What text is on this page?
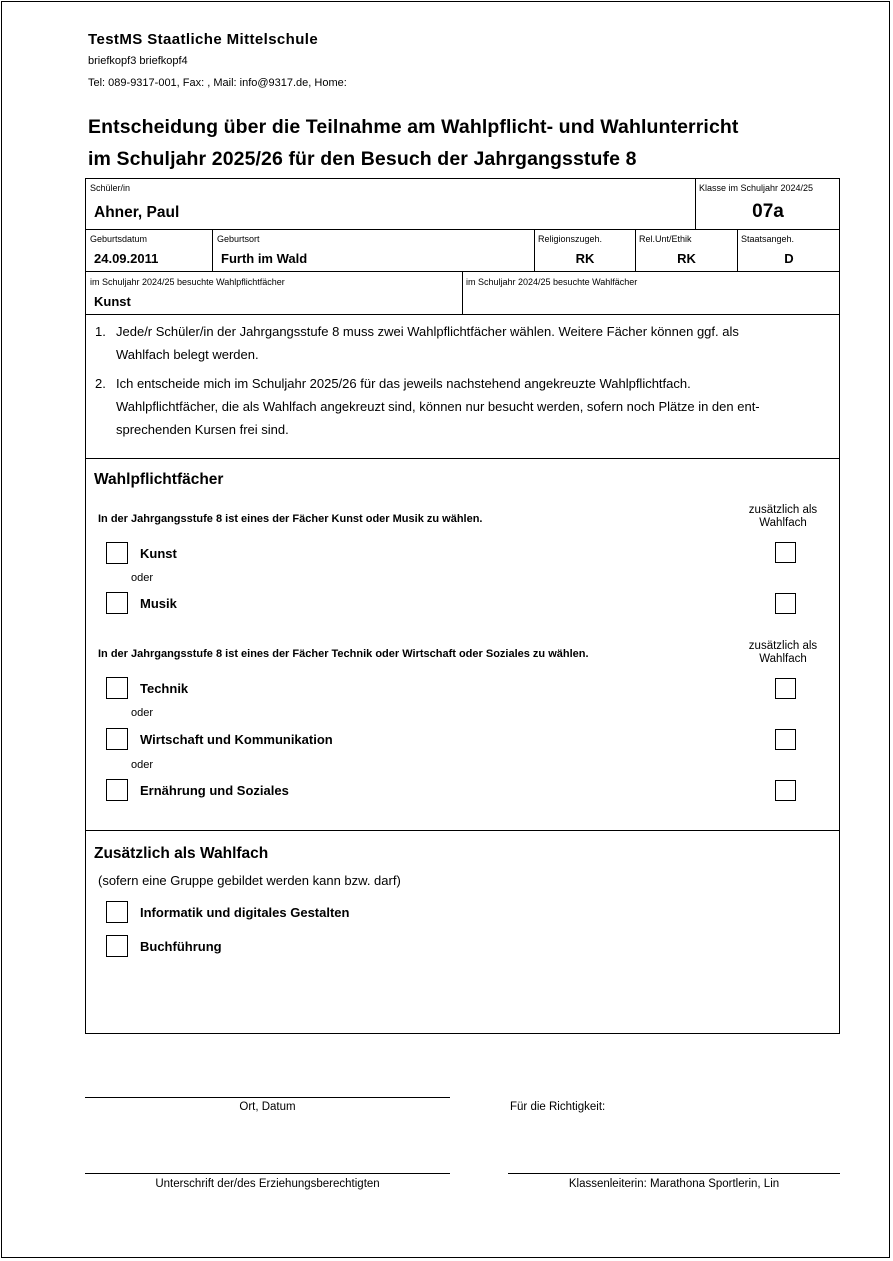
TestMS Staatliche Mittelschule
briefkopf3 briefkopf4
Tel: 089-9317-001, Fax: , Mail: info@9317.de, Home:
Entscheidung über die Teilnahme am Wahlpflicht- und Wahlunterricht
im Schuljahr 2025/26 für den Besuch der Jahrgangsstufe 8
Schüler/in
Ahner, Paul
Klasse im Schuljahr 2024/25
07a
Geburtsdatum
24.09.2011
Geburtsort
Furth im Wald
Religionszugeh.
RK
Rel.Unt/Ethik
RK
Staatsangeh.
D
im Schuljahr 2024/25 besuchte Wahlpflichtfächer
Kunst
im Schuljahr 2024/25 besuchte Wahlfächer
1. Jede/r Schüler/in der Jahrgangsstufe 8 muss zwei Wahlpflichtfächer wählen. Weitere Fächer können ggf. als
Wahlfach belegt werden.
2. Ich entscheide mich im Schuljahr 2025/26 für das jeweils nachstehend angekreuzte Wahlpflichtfach.
Wahlpflichtfächer, die als Wahlfach angekreuzt sind, können nur besucht werden, sofern noch Plätze in den ent-
sprechenden Kursen frei sind.
Wahlpflichtfächer
In der Jahrgangsstufe 8 ist eines der Fächer Kunst oder Musik zu wählen.
zusätzlich als Wahlfach
Kunst
oder
Musik
In der Jahrgangsstufe 8 ist eines der Fächer Technik oder Wirtschaft oder Soziales zu wählen.
zusätzlich als Wahlfach
Technik
oder
Wirtschaft und Kommunikation
oder
Ernährung und Soziales
Zusätzlich als Wahlfach
(sofern eine Gruppe gebildet werden kann bzw. darf)
Informatik und digitales Gestalten
Buchführung
Ort, Datum	Für die Richtigkeit:
Unterschrift der/des Erziehungsberechtigten	Klassenleiterin: Marathona Sportlerin, Lin
